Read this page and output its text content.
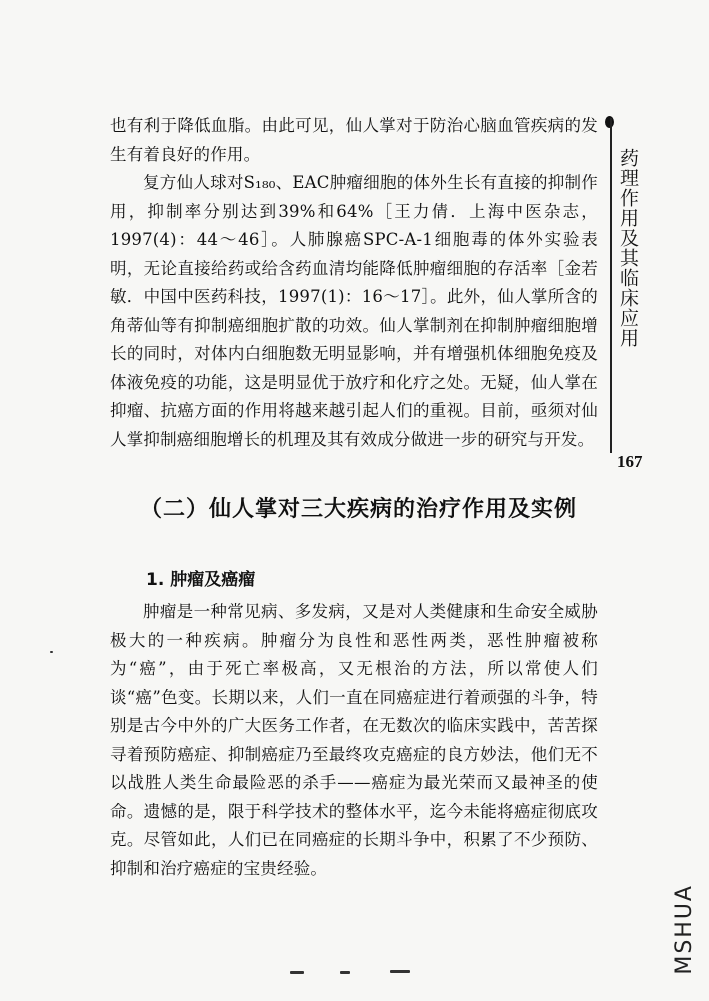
也有利于降低血脂。由此可见，仙人掌对于防治心脑血管疾病的发生有着良好的作用。

复方仙人球对S₁₈₀、EAC肿瘤细胞的体外生长有直接的抑制作用，抑制率分别达到39%和64%［王力倩．上海中医杂志，1997(4)：44～46］。人肺腺癌SPC-A-1细胞毒的体外实验表明，无论直接给药或给含药血清均能降低肿瘤细胞的存活率［金若敏．中国中医药科技，1997(1)：16～17］。此外，仙人掌所含的角蒂仙等有抑制癌细胞扩散的功效。仙人掌制剂在抑制肿瘤细胞增长的同时，对体内白细胞数无明显影响，并有增强机体细胞免疫及体液免疫的功能，这是明显优于放疗和化疗之处。无疑，仙人掌在抑瘤、抗癌方面的作用将越来越引起人们的重视。目前，亟须对仙人掌抑制癌细胞增长的机理及其有效成分做进一步的研究与开发。

（二）仙人掌对三大疾病的治疗作用及实例
1. 肿瘤及癌瘤

肿瘤是一种常见病、多发病，又是对人类健康和生命安全威胁极大的一种疾病。肿瘤分为良性和恶性两类，恶性肿瘤被称为“癌”，由于死亡率极高，又无根治的方法，所以常使人们谈“癌”色变。长期以来，人们一直在同癌症进行着顽强的斗争，特别是古今中外的广大医务工作者，在无数次的临床实践中，苦苦探寻着预防癌症、抑制癌症乃至最终攻克癌症的良方妙法，他们无不以战胜人类生命最险恶的杀手——癌症为最光荣而又最神圣的使命。遗憾的是，限于科学技术的整体水平，迄今未能将癌症彻底攻克。尽管如此，人们已在同癌症的长期斗争中，积累了不少预防、抑制和治疗癌症的宝贵经验。

药理作用及其临床应用
167
MSHUA
